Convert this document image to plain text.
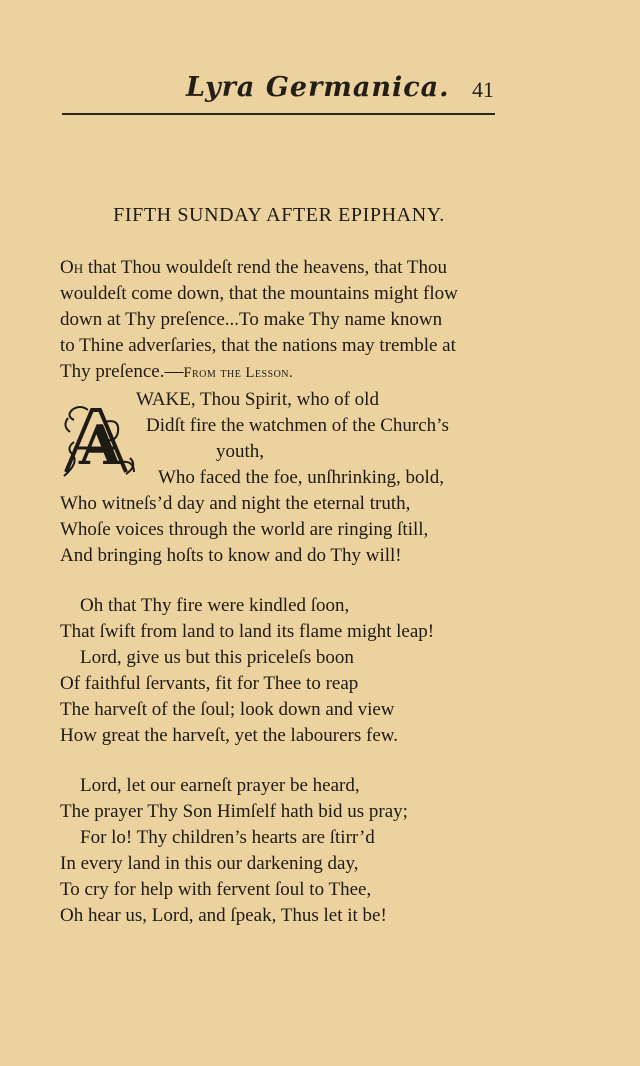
Lyra Germanica. 41
FIFTH SUNDAY AFTER EPIPHANY.
Oh that Thou wouldeſt rend the heavens, that Thou
wouldeſt come down, that the mountains might flow
down at Thy preſence...To make Thy name known
to Thine adverſaries, that the nations may tremble at
Thy preſence.—From the Lesson.
A
WAKE, Thou Spirit, who of old
Didſt fire the watchmen of the Church’s
youth,
Who faced the foe, unſhrinking, bold,
Who witneſs’d day and night the eternal truth,
Whoſe voices through the world are ringing ſtill,
And bringing hoſts to know and do Thy will!
Oh that Thy fire were kindled ſoon,
That ſwift from land to land its flame might leap!
Lord, give us but this priceleſs boon
Of faithful ſervants, fit for Thee to reap
The harveſt of the ſoul; look down and view
How great the harveſt, yet the labourers few.
Lord, let our earneſt prayer be heard,
The prayer Thy Son Himſelf hath bid us pray;
For lo! Thy children’s hearts are ſtirr’d
In every land in this our darkening day,
To cry for help with fervent ſoul to Thee,
Oh hear us, Lord, and ſpeak, Thus let it be!
